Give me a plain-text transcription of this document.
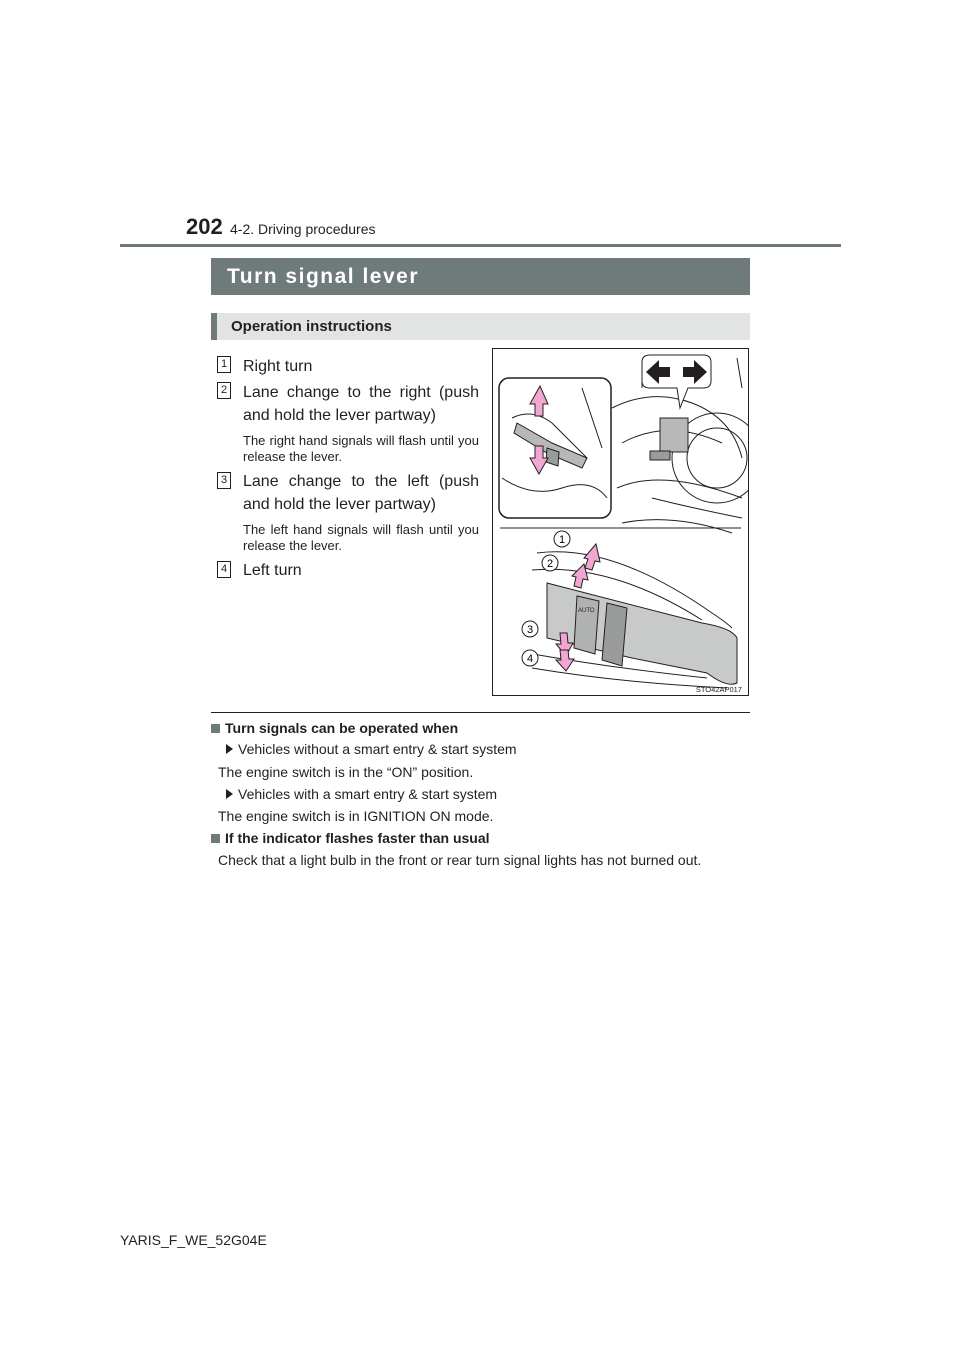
202 4-2. Driving procedures
Turn signal lever
Operation instructions
1 Right turn
2 Lane change to the right (push and hold the lever partway)
The right hand signals will flash until you release the lever.
3 Lane change to the left (push and hold the lever partway)
The left hand signals will flash until you release the lever.
4 Left turn
AUTO
1
2
3
4
STO42AP017
Turn signals can be operated when
Vehicles without a smart entry & start system
The engine switch is in the “ON” position.
Vehicles with a smart entry & start system
The engine switch is in IGNITION ON mode.
If the indicator flashes faster than usual
Check that a light bulb in the front or rear turn signal lights has not burned out.
YARIS_F_WE_52G04E
